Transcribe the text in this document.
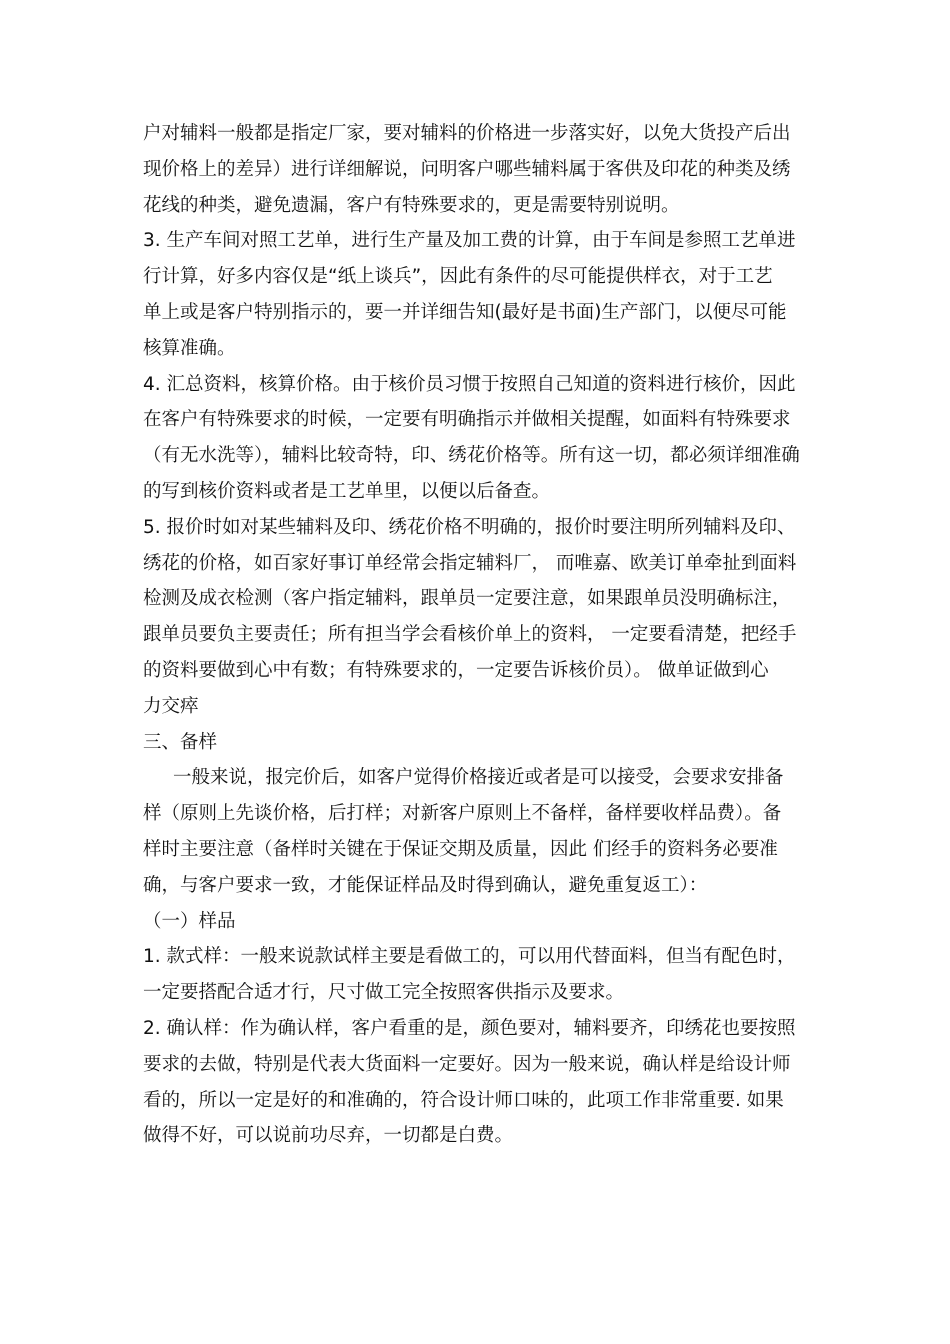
户对辅料一般都是指定厂家，要对辅料的价格进一步落实好，以免大货投产后出
现价格上的差异）进行详细解说，问明客户哪些辅料属于客供及印花的种类及绣
花线的种类，避免遗漏，客户有特殊要求的，更是需要特别说明。
3. 生产车间对照工艺单，进行生产量及加工费的计算，由于车间是参照工艺单进
行计算，好多内容仅是“纸上谈兵”，因此有条件的尽可能提供样衣，对于工艺
单上或是客户特别指示的，要一并详细告知(最好是书面)生产部门，以便尽可能
核算准确。
4. 汇总资料，核算价格。由于核价员习惯于按照自己知道的资料进行核价，因此
在客户有特殊要求的时候，一定要有明确指示并做相关提醒，如面料有特殊要求
（有无水洗等），辅料比较奇特，印、绣花价格等。所有这一切，都必须详细准确
的写到核价资料或者是工艺单里，以便以后备查。
5. 报价时如对某些辅料及印、绣花价格不明确的，报价时要注明所列辅料及印、
绣花的价格，如百家好事订单经常会指定辅料厂， 而唯嘉、欧美订单牵扯到面料
检测及成衣检测（客户指定辅料，跟单员一定要注意，如果跟单员没明确标注，
跟单员要负主要责任；所有担当学会看核价单上的资料， 一定要看清楚，把经手
的资料要做到心中有数；有特殊要求的，一定要告诉核价员）。 做单证做到心
力交瘁
三、备样
一般来说，报完价后，如客户觉得价格接近或者是可以接受，会要求安排备
样（原则上先谈价格，后打样；对新客户原则上不备样，备样要收样品费）。备
样时主要注意（备样时关键在于保证交期及质量，因此 们经手的资料务必要准
确，与客户要求一致，才能保证样品及时得到确认，避免重复返工）：
（一）样品
1. 款式样：一般来说款试样主要是看做工的，可以用代替面料，但当有配色时，
一定要搭配合适才行，尺寸做工完全按照客供指示及要求。
2. 确认样：作为确认样，客户看重的是，颜色要对，辅料要齐，印绣花也要按照
要求的去做，特别是代表大货面料一定要好。因为一般来说，确认样是给设计师
看的，所以一定是好的和准确的，符合设计师口味的，此项工作非常重要. 如果
做得不好，可以说前功尽弃，一切都是白费。
